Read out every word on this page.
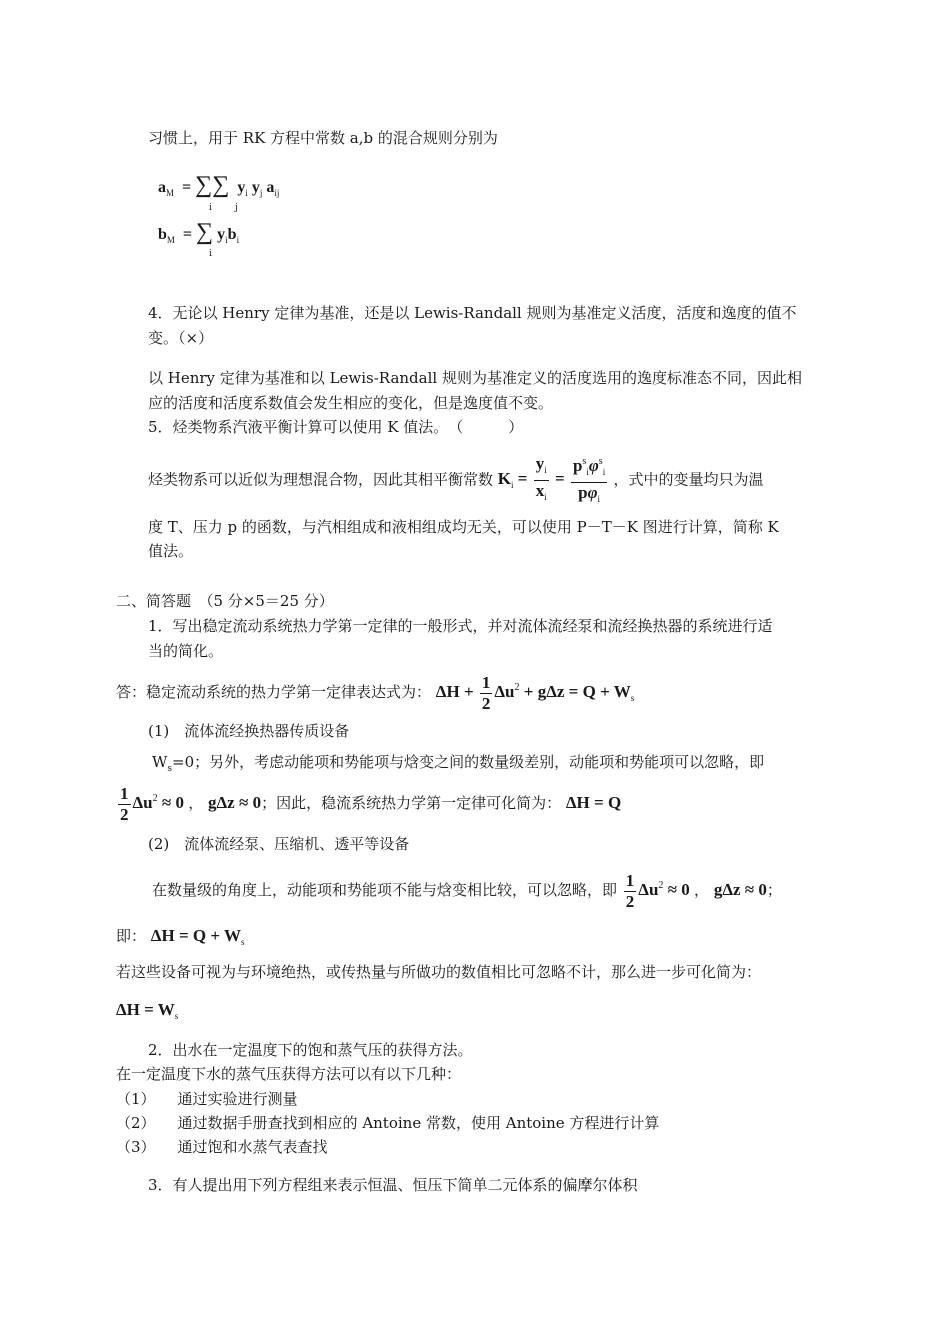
习惯上，用于 RK 方程中常数 a,b 的混合规则分别为
$a_M$ = ∑∑ $y_i$ $y_j$ $a_{ij}$
i	j
$b_M$ = ∑ $y_ib_i$
i
4．无论以 Henry 定律为基准，还是以 Lewis-Randall 规则为基准定义活度，活度和逸度的值不
变。（×）
以 Henry 定律为基准和以 Lewis-Randall 规则为基准定义的活度选用的逸度标准态不同，因此相
应的活度和活度系数值会发生相应的变化，但是逸度值不变。
5．烃类物系汽液平衡计算可以使用 K 值法。　（　　　）
烃类物系可以近似为理想混合物，因此其相平衡常数 $K_i = \frac{y_i}{x_i} = \frac{p^s_i\varphi^s_i}{p\varphi_i}$ ，式中的变量均只为温
度 T、压力 p 的函数，与汽相组成和液相组成均无关，可以使用 P－T－K 图进行计算，简称 K
值法。
二、简答题　（5 分×5＝25 分）
1．写出稳定流动系统热力学第一定律的一般形式，并对流体流经泵和流经换热器的系统进行适
当的简化。
答：稳定流动系统的热力学第一定律表达式为： $\Delta H + \frac{1}{2} \Delta u^2 + g\Delta z = Q + W_s$
(1)　流体流经换热器传质设备
$W_s=0$；另外，考虑动能项和势能项与焓变之间的数量级差别，动能项和势能项可以忽略，即
$\frac{1}{2} \Delta u^2 \approx 0$ ， gΔz ≈ 0；因此，稳流系统热力学第一定律可化简为： ΔH = Q
(2)　流体流经泵、压缩机、透平等设备
在数量级的角度上，动能项和势能项不能与焓变相比较，可以忽略，即 $\frac{1}{2} \Delta u^2 \approx 0$ ， gΔz ≈ 0；
即： $\Delta H = Q + W_s$
若这些设备可视为与环境绝热，或传热量与所做功的数值相比可忽略不计，那么进一步可化简为：
$\Delta H = W_s$
2．出水在一定温度下的饱和蒸气压的获得方法。
在一定温度下水的蒸气压获得方法可以有以下几种：
（1） 通过实验进行测量
（2） 通过数据手册查找到相应的 Antoine 常数，使用 Antoine 方程进行计算
（3） 通过饱和水蒸气表查找
3．有人提出用下列方程组来表示恒温、恒压下简单二元体系的偏摩尔体积
